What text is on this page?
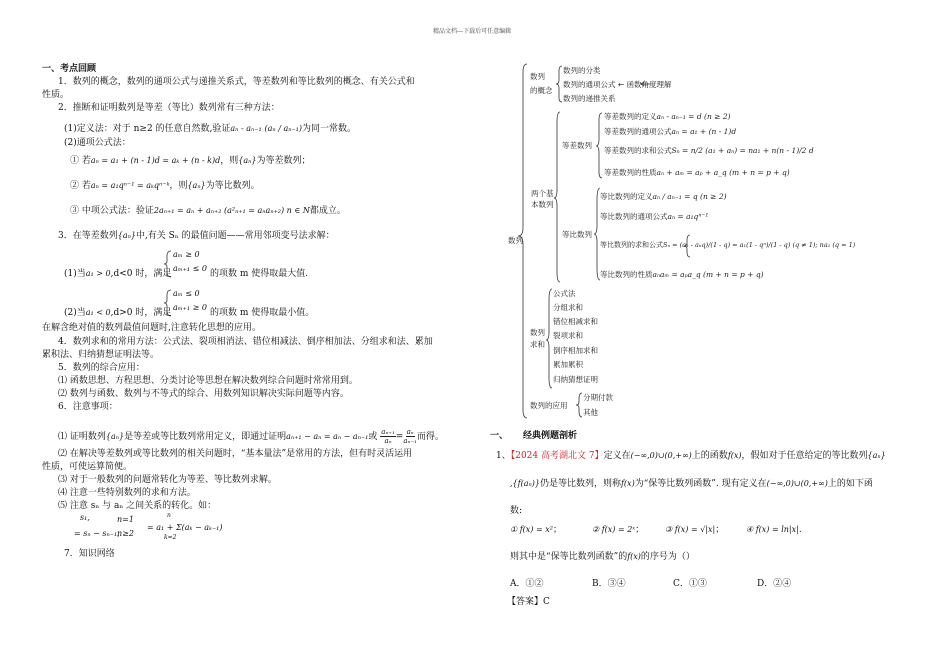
精品文档---下载后可任意编辑
一、考点回顾
1．数列的概念，数列的通项公式与递推关系式，等差数列和等比数列的概念、有关公式和
性质。
2．推断和证明数列是等差（等比）数列常有三种方法：
(1)定义法：对于 n≥2 的任意自然数,验证aₙ - aₙ₋₁ (aₙ / aₙ₋₁)为同一常数。
(2)通项公式法：
① 若aₙ = a₁ + (n - 1)d = aₖ + (n - k)d，则{aₙ}为等差数列；
② 若aₙ = a₁qⁿ⁻¹ = aₖqⁿ⁻ᵏ，则{aₙ}为等比数列。
③ 中项公式法：验证2aₙ₊₁ = aₙ + aₙ₊₂ (a²ₙ₊₁ = aₙaₙ₊₂) n ∈ N都成立。
3．在等差数列{aₙ}中,有关 Sₙ 的最值问题——常用邻项变号法求解：
(1)当a₁ > 0,d<0 时，满足
aₘ ≥ 0
aₘ₊₁ ≤ 0
的项数 m 使得取最大值.
(2)当a₁ < 0,d>0 时，满足
aₘ ≤ 0
aₘ₊₁ ≥ 0
的项数 m 使得取最小值。
在解含绝对值的数列最值问题时,注意转化思想的应用。
4．数列求和的常用方法：公式法、裂项相消法、错位相减法、倒序相加法、分组求和法、累加
累积法、归纳猜想证明法等。
5．数列的综合应用：
⑴ 函数思想、方程思想、分类讨论等思想在解决数列综合问题时常常用到。
⑵ 数列与函数、数列与不等式的综合、用数列知识解决实际问题等内容。
6．注意事项：
⑴ 证明数列{aₙ}是等差或等比数列常用定义，即通过证明aₙ₊₁ − aₙ = aₙ − aₙ₋₁或 $\frac{\text{aₙ₊₁}}{\text{aₙ}} = \frac{\text{aₙ}}{\text{aₙ₋₁}}$ 而得。
⑵ 在解决等差数列或等比数列的相关问题时，“基本量法”是常用的方法，但有时灵活运用
性质，可使运算简便。
⑶ 对于一般数列的问题常转化为等差、等比数列求解。
⑷ 注意一些特别数列的求和方法。
⑸ 注意 sₙ 与 aₙ 之间关系的转化。如：
s₁,	n=1
= sₙ − sₙ₋₁,
n≥2
n
= a₁ + Σ(aₖ − aₖ₋₁)
k=2
7．知识网络
数列
数列
的概念
数列的分类
数列的通项公式 ← 函数角度理解
数列的递推关系
两个基
本数列
等差数列
等差数列的定义aₙ - aₙ₋₁ = d (n ≥ 2)
等差数列的通项公式aₙ = a₁ + (n - 1)d
等差数列的求和公式Sₙ = n/2 (a₁ + aₙ) = na₁ + n(n - 1)/2 d
等差数列的性质aₙ + aₘ = aₚ + a_q (m + n = p + q)
等比数列
等比数列的定义aₙ / aₙ₋₁ = q (n ≥ 2)
等比数列的通项公式aₙ = a₁qⁿ⁻¹
等比数列的求和公式Sₙ = (a₁ - aₙq)/(1 - q) = a₁(1 - qⁿ)/(1 - q) (q ≠ 1); na₁ (q = 1)
等比数列的性质aₙaₘ = aₚa_q (m + n = p + q)
数列
求和
公式法
分组求和
错位相减求和
裂项求和
倒序相加求和
累加累积
归纳猜想证明
数列的应用
分期付款
其他
一、 经典例题剖析
1、【2024 高考湖北文 7】定义在(−∞,0)∪(0,+∞)上的函数f(x)，假如对于任意给定的等比数列{aₙ}
,{f(aₙ)}仍是等比数列，则称f(x)为“保等比数列函数”. 现有定义在(−∞,0)∪(0,+∞)上的如下函
数:
① f(x) = x²；	② f(x) = 2ˣ；	③ f(x) = √|x|；	④ f(x) = ln|x|.
则其中是“保等比数列函数”的f(x)的序号为（）
A．①②	B．③④	C．①③	D．②④
【答案】C
